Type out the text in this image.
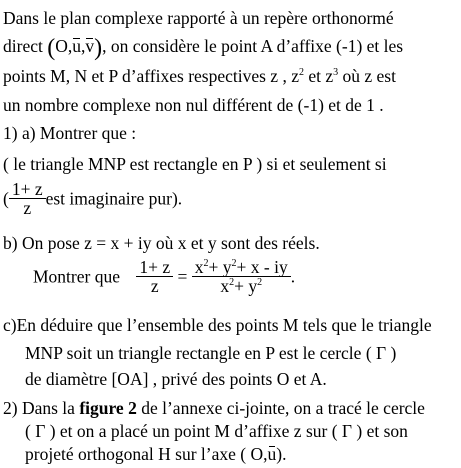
Dans le plan complexe rapporté à un repère orthonormé
direct (O,u,v), on considère le point A d’affixe (-1) et les
points M, N et P d’affixes respectives z , $z^2$ et $z^3$ où z est
un nombre complexe non nul différent de (-1) et de 1 .
1) a) Montrer que :
( le triangle MNP est rectangle en P ) si et seulement si
( $\frac{1+ z}{z}$ est imaginaire pur).
b) On pose z = x + iy où x et y sont des réels.
Montrer que $\frac{1+ z}{z} = \frac{x^2+ y^2+ x - iy}{x^2+ y^2}$ .
c)En déduire que l’ensemble des points M tels que le triangle
MNP soit un triangle rectangle en P est le cercle ( Γ )
de diamètre [OA] , privé des points O et A.
2) Dans la figure 2 de l’annexe ci-jointe, on a tracé le cercle
( Γ ) et on a placé un point M d’affixe z sur ( Γ ) et son
projeté orthogonal H sur l’axe ( O,u).
